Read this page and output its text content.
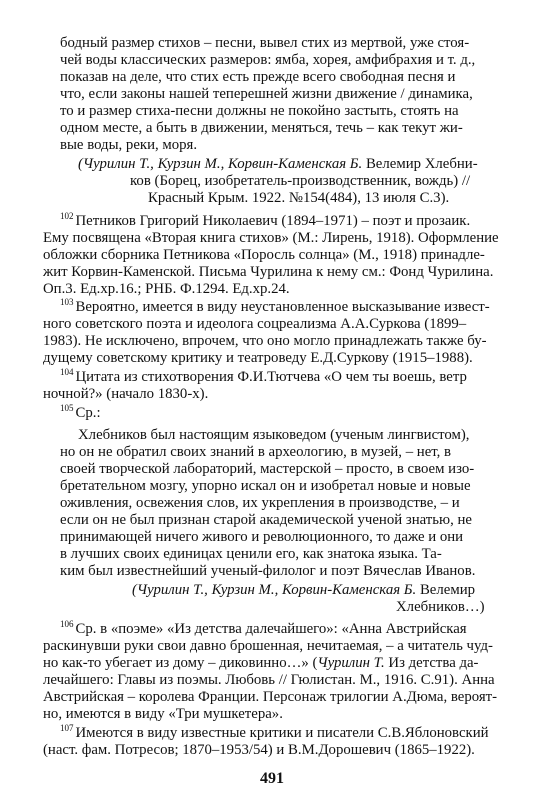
бодный размер стихов – песни, вывел стих из мертвой, уже стоя-
чей воды классических размеров: ямба, хорея, амфибрахия и т. д.,
показав на деле, что стих есть прежде всего свободная песня и
что, если законы нашей теперешней жизни движение / динамика,
то и размер стиха-песни должны не покойно застыть, стоять на
одном месте, а быть в движении, меняться, течь – как текут жи-
вые воды, реки, моря.
(Чурилин Т., Курзин М., Корвин-Каменская Б. Велемир Хлебни-
ков (Борец, изобретатель-производственник, вождь) //
Красный Крым. 1922. №154(484), 13 июля С.3).
$^{102}$ Петников Григорий Николаевич (1894–1971) – поэт и прозаик.
Ему посвящена «Вторая книга стихов» (М.: Лирень, 1918). Оформление
обложки сборника Петникова «Поросль солнца» (М., 1918) принадле-
жит Корвин-Каменской. Письма Чурилина к нему см.: Фонд Чурилина.
Оп.3. Ед.хр.16.; РНБ. Ф.1294. Ед.хр.24.
$^{103}$ Вероятно, имеется в виду неустановленное высказывание извест-
ного советского поэта и идеолога соцреализма А.А.Суркова (1899–
1983). Не исключено, впрочем, что оно могло принадлежать также бу-
дущему советскому критику и театроведу Е.Д.Суркову (1915–1988).
$^{104}$ Цитата из стихотворения Ф.И.Тютчева «О чем ты воешь, ветр
ночной?» (начало 1830-х).
$^{105}$ Ср.:
Хлебников был настоящим языковедом (ученым лингвистом),
но он не обратил своих знаний в археологию, в музей, – нет, в
своей творческой лабораторий, мастерской – просто, в своем изо-
бретательном мозгу, упорно искал он и изобретал новые и новые
оживления, освежения слов, их укрепления в производстве, – и
если он не был признан старой академической ученой знатью, не
принимающей ничего живого и революционного, то даже и они
в лучших своих единицах ценили его, как знатока языка. Та-
ким был известнейший ученый-филолог и поэт Вячеслав Иванов.
(Чурилин Т., Курзин М., Корвин-Каменская Б. Велемир
Хлебников…)
$^{106}$ Ср. в «поэме» «Из детства далечайшего»: «Анна Австрийская
раскинувши руки свои давно брошенная, нечитаемая, – а читатель чуд-
но как-то убегает из дому – диковинно…» (Чурилин Т. Из детства да-
лечайшего: Главы из поэмы. Любовь // Гюлистан. М., 1916. С.91). Анна
Австрийская – королева Франции. Персонаж трилогии А.Дюма, вероят-
но, имеются в виду «Три мушкетера».
$^{107}$ Имеются в виду известные критики и писатели С.В.Яблоновский
(наст. фам. Потресов; 1870–1953/54) и В.М.Дорошевич (1865–1922).
491
